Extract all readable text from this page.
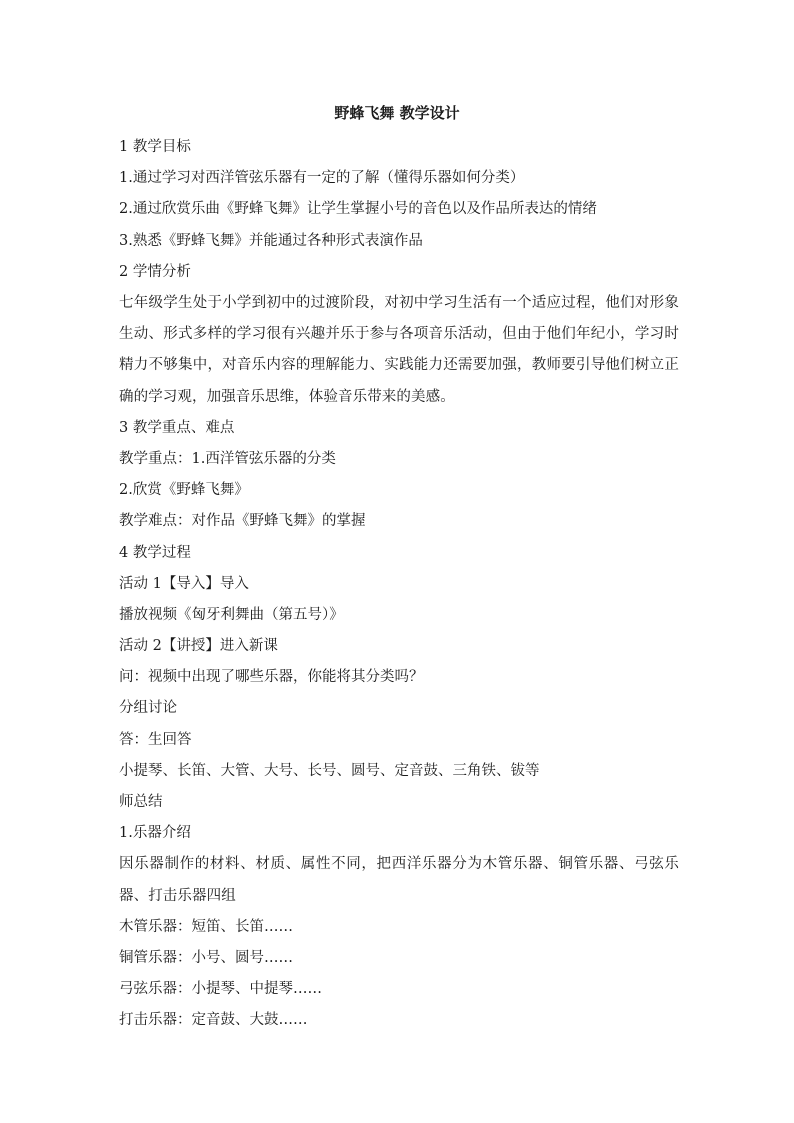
野蜂飞舞 教学设计
1 教学目标
1.通过学习对西洋管弦乐器有一定的了解（懂得乐器如何分类）
2.通过欣赏乐曲《野蜂飞舞》让学生掌握小号的音色以及作品所表达的情绪
3.熟悉《野蜂飞舞》并能通过各种形式表演作品
2 学情分析
七年级学生处于小学到初中的过渡阶段，对初中学习生活有一个适应过程，他们对形象生动、形式多样的学习很有兴趣并乐于参与各项音乐活动，但由于他们年纪小，学习时精力不够集中，对音乐内容的理解能力、实践能力还需要加强，教师要引导他们树立正确的学习观，加强音乐思维，体验音乐带来的美感。
3 教学重点、难点
教学重点：1.西洋管弦乐器的分类
2.欣赏《野蜂飞舞》
教学难点：对作品《野蜂飞舞》的掌握
4 教学过程
活动 1【导入】导入
播放视频《匈牙利舞曲（第五号）》
活动 2【讲授】进入新课
问：视频中出现了哪些乐器，你能将其分类吗？
分组讨论
答：生回答
小提琴、长笛、大管、大号、长号、圆号、定音鼓、三角铁、钹等
师总结
1.乐器介绍
因乐器制作的材料、材质、属性不同，把西洋乐器分为木管乐器、铜管乐器、弓弦乐器、打击乐器四组
木管乐器：短笛、长笛……
铜管乐器：小号、圆号……
弓弦乐器：小提琴、中提琴……
打击乐器：定音鼓、大鼓……
